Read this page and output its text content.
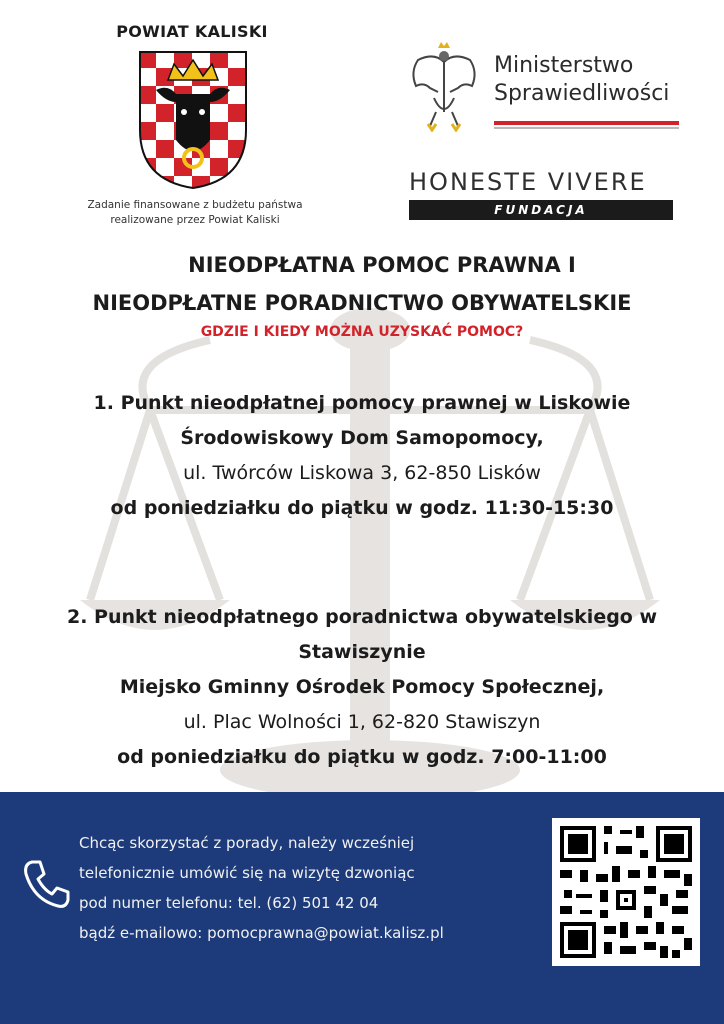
POWIAT KALISKI
Zadanie finansowane z budżetu państwa
realizowane przez Powiat Kaliski
Ministerstwo
Sprawiedliwości
HONESTE VIVERE
FUNDACJA
NIEODPŁATNA POMOC PRAWNA I
NIEODPŁATNE PORADNICTWO OBYWATELSKIE
GDZIE I KIEDY MOŻNA UZYSKAĆ POMOC?
1. Punkt nieodpłatnej pomocy prawnej w Liskowie
Środowiskowy Dom Samopomocy,
ul. Twórców Liskowa 3, 62-850 Lisków
od poniedziałku do piątku w godz. 11:30-15:30
2. Punkt nieodpłatnego poradnictwa obywatelskiego w
Stawiszynie
Miejsko Gminny Ośrodek Pomocy Społecznej,
ul. Plac Wolności 1, 62-820 Stawiszyn
od poniedziałku do piątku w godz. 7:00-11:00
Chcąc skorzystać z porady, należy wcześniej
telefonicznie umówić się na wizytę dzwoniąc
pod numer telefonu: tel. (62) 501 42 04
bądź e-mailowo: pomocprawna@powiat.kalisz.pl
